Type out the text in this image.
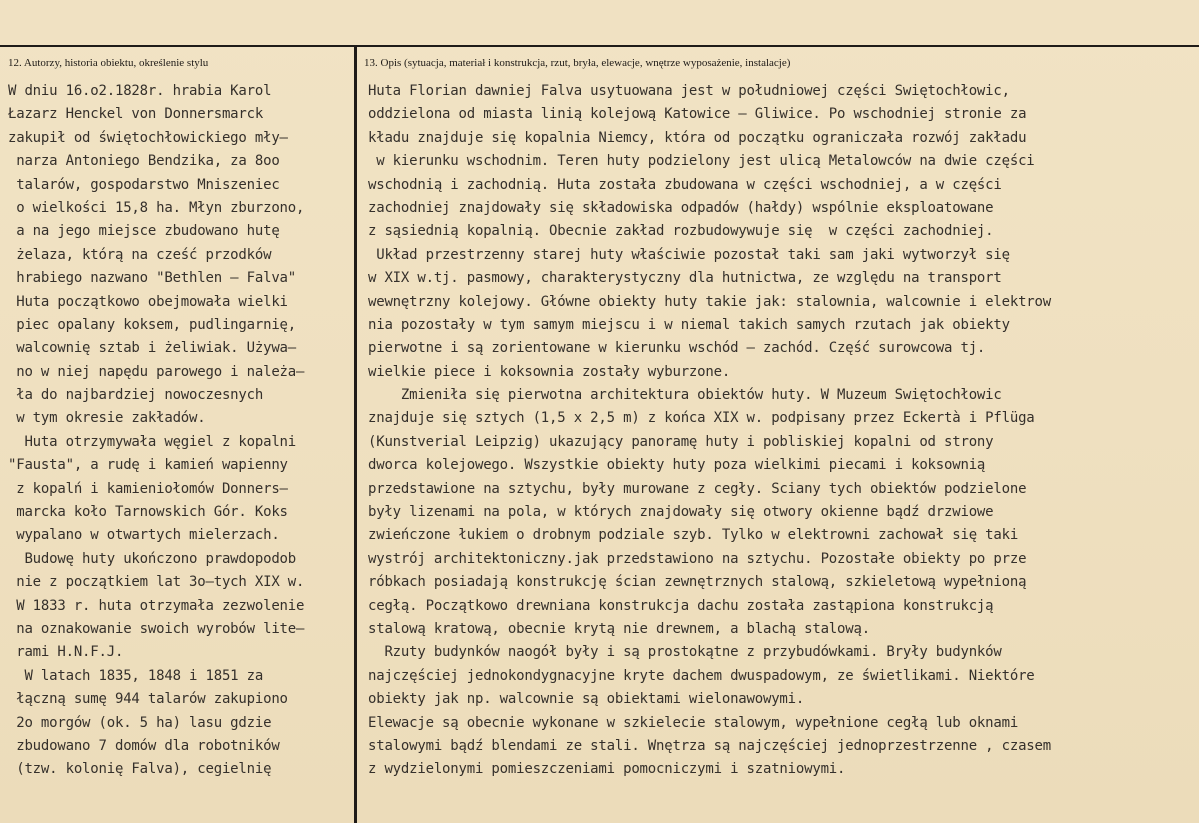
12. Autorzy, historia obiektu, określenie stylu	13. Opis (sytuacja, materiał i konstrukcja, rzut, bryła, elewacje, wnętrze wyposażenie, instalacje)
W dniu 16.o2.1828r. hrabia Karol
Łazarz Henckel von Donnersmarck
zakupił od świętochłowickiego mły–
narza Antoniego Bendzika, za 8oo
talarów, gospodarstwo Mniszeniec
o wielkości 15,8 ha. Młyn zburzono,
a na jego miejsce zbudowano hutę
żelaza, którą na cześć przodków
hrabiego nazwano "Bethlen – Falva"
Huta początkowo obejmowała wielki
piec opalany koksem, pudlingarnię,
walcownię sztab i żeliwiak. Używa–
no w niej napędu parowego i należa–
ła do najbardziej nowoczesnych
w tym okresie zakładów.
Huta otrzymywała węgiel z kopalni
"Fausta", a rudę i kamień wapienny
z kopalń i kamieniołomów Donners–
marcka koło Tarnowskich Gór. Koks
wypalano w otwartych mielerzach.
Budowę huty ukończono prawdopodob
nie z początkiem lat 3o–tych XIX w.
W 1833 r. huta otrzymała zezwolenie
na oznakowanie swoich wyrobów lite–
rami H.N.F.J.
W latach 1835, 1848 i 1851 za
łączną sumę 944 talarów zakupiono
2o morgów (ok. 5 ha) lasu gdzie
zbudowano 7 domów dla robotników
(tzw. kolonię Falva), cegielnię
Huta Florian dawniej Falva usytuowana jest w południowej części Swiętochłowic,
oddzielona od miasta linią kolejową Katowice – Gliwice. Po wschodniej stronie za
kładu znajduje się kopalnia Niemcy, która od początku ograniczała rozwój zakładu
w kierunku wschodnim. Teren huty podzielony jest ulicą Metalowców na dwie części
wschodnią i zachodnią. Huta została zbudowana w części wschodniej, a w części
zachodniej znajdowały się składowiska odpadów (hałdy) wspólnie eksploatowane
z sąsiednią kopalnią. Obecnie zakład rozbudowywuje się  w części zachodniej.
Układ przestrzenny starej huty właściwie pozostał taki sam jaki wytworzył się
w XIX w.tj. pasmowy, charakterystyczny dla hutnictwa, ze względu na transport
wewnętrzny kolejowy. Główne obiekty huty takie jak: stalownia, walcownie i elektrow
nia pozostały w tym samym miejscu i w niemal takich samych rzutach jak obiekty
pierwotne i są zorientowane w kierunku wschód – zachód. Część surowcowa tj.
wielkie piece i koksownia zostały wyburzone.
Zmieniła się pierwotna architektura obiektów huty. W Muzeum Swiętochłowic
znajduje się sztych (1,5 x 2,5 m) z końca XIX w. podpisany przez Eckertà i Pflüga
(Kunstverial Leipzig) ukazujący panoramę huty i pobliskiej kopalni od strony
dworca kolejowego. Wszystkie obiekty huty poza wielkimi piecami i koksownią
przedstawione na sztychu, były murowane z cegły. Sciany tych obiektów podzielone
były lizenami na pola, w których znajdowały się otwory okienne bądź drzwiowe
zwieńczone łukiem o drobnym podziale szyb. Tylko w elektrowni zachował się taki
wystrój architektoniczny.jak przedstawiono na sztychu. Pozostałe obiekty po prze
róbkach posiadają konstrukcję ścian zewnętrznych stalową, szkieletową wypełnioną
cegłą. Początkowo drewniana konstrukcja dachu została zastąpiona konstrukcją
stalową kratową, obecnie krytą nie drewnem, a blachą stalową.
Rzuty budynków naogół były i są prostokątne z przybudówkami. Bryły budynków
najczęściej jednokondygnacyjne kryte dachem dwuspadowym, ze świetlikami. Niektóre
obiekty jak np. walcownie są obiektami wielonawowymi.
Elewacje są obecnie wykonane w szkielecie stalowym, wypełnione cegłą lub oknami
stalowymi bądź blendami ze stali. Wnętrza są najczęściej jednoprzestrzenne , czasem
z wydzielonymi pomieszczeniami pomocniczymi i szatniowymi.
